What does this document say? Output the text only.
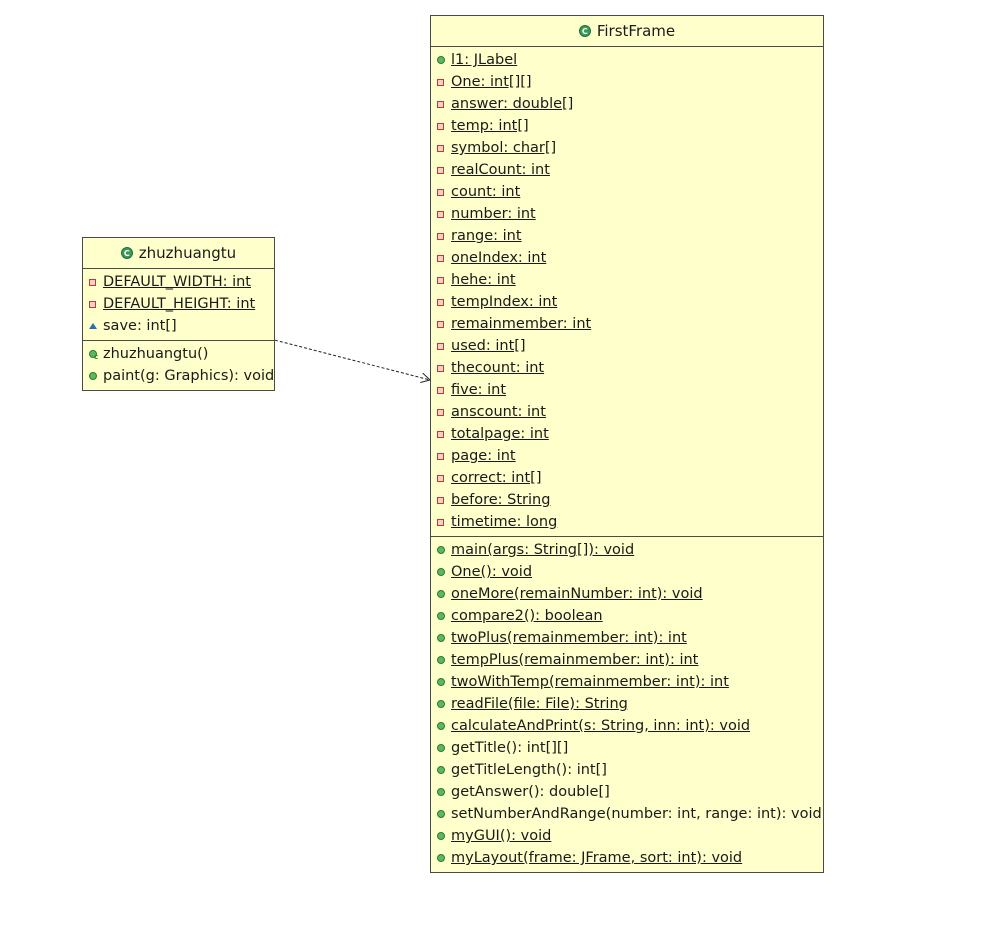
C zhuzhuangtu
DEFAULT_WIDTH: int
DEFAULT_HEIGHT: int
save: int[]
c zhuzhuangtu()
paint(g: Graphics): void
C FirstFrame
l1: JLabel
One: int[][]
answer: double[]
temp: int[]
symbol: char[]
realCount: int
count: int
number: int
range: int
oneIndex: int
hehe: int
tempIndex: int
remainmember: int
used: int[]
thecount: int
five: int
anscount: int
totalpage: int
page: int
correct: int[]
before: String
timetime: long
main(args: String[]): void
One(): void
oneMore(remainNumber: int): void
compare2(): boolean
twoPlus(remainmember: int): int
tempPlus(remainmember: int): int
twoWithTemp(remainmember: int): int
readFile(file: File): String
calculateAndPrint(s: String, inn: int): void
getTitle(): int[][]
getTitleLength(): int[]
getAnswer(): double[]
setNumberAndRange(number: int, range: int): void
myGUI(): void
myLayout(frame: JFrame, sort: int): void
